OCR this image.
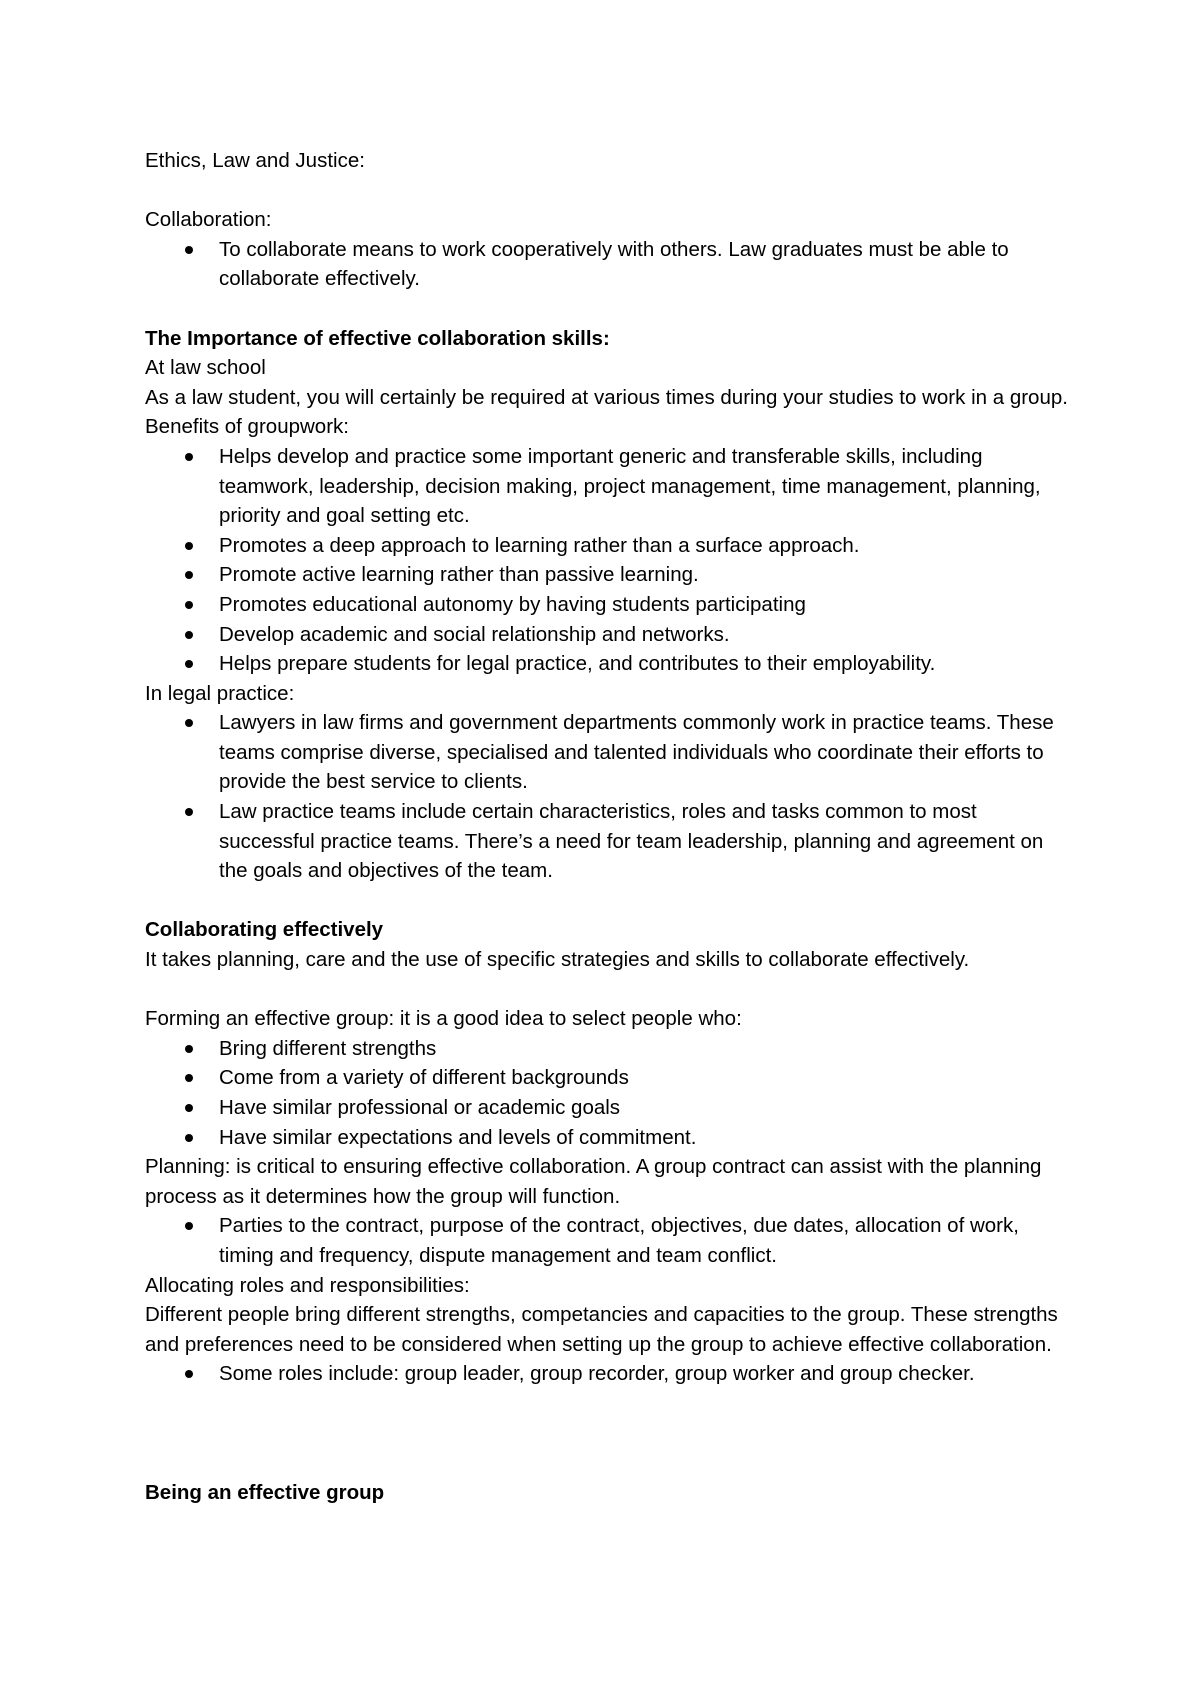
Ethics, Law and Justice:

Collaboration:

To collaborate means to work cooperatively with others. Law graduates must be able to collaborate effectively.

The Importance of effective collaboration skills:

At law school

As a law student, you will certainly be required at various times during your studies to work in a group. Benefits of groupwork:

Helps develop and practice some important generic and transferable skills, including teamwork, leadership, decision making, project management, time management, planning, priority and goal setting etc.
Promotes a deep approach to learning rather than a surface approach.
Promote active learning rather than passive learning.
Promotes educational autonomy by having students participating
Develop academic and social relationship and networks.
Helps prepare students for legal practice, and contributes to their employability.

In legal practice:

Lawyers in law firms and government departments commonly work in practice teams. These teams comprise diverse, specialised and talented individuals who coordinate their efforts to provide the best service to clients.
Law practice teams include certain characteristics, roles and tasks common to most successful practice teams. There’s a need for team leadership, planning and agreement on the goals and objectives of the team.

Collaborating effectively

It takes planning, care and the use of specific strategies and skills to collaborate effectively.

Forming an effective group: it is a good idea to select people who:

Bring different strengths
Come from a variety of different backgrounds
Have similar professional or academic goals
Have similar expectations and levels of commitment.

Planning: is critical to ensuring effective collaboration. A group contract can assist with the planning process as it determines how the group will function.

Parties to the contract, purpose of the contract, objectives, due dates, allocation of work, timing and frequency, dispute management and team conflict.

Allocating roles and responsibilities:

Different people bring different strengths, competancies and capacities to the group. These strengths and preferences need to be considered when setting up the group to achieve effective collaboration.

Some roles include: group leader, group recorder, group worker and group checker.

Being an effective group
